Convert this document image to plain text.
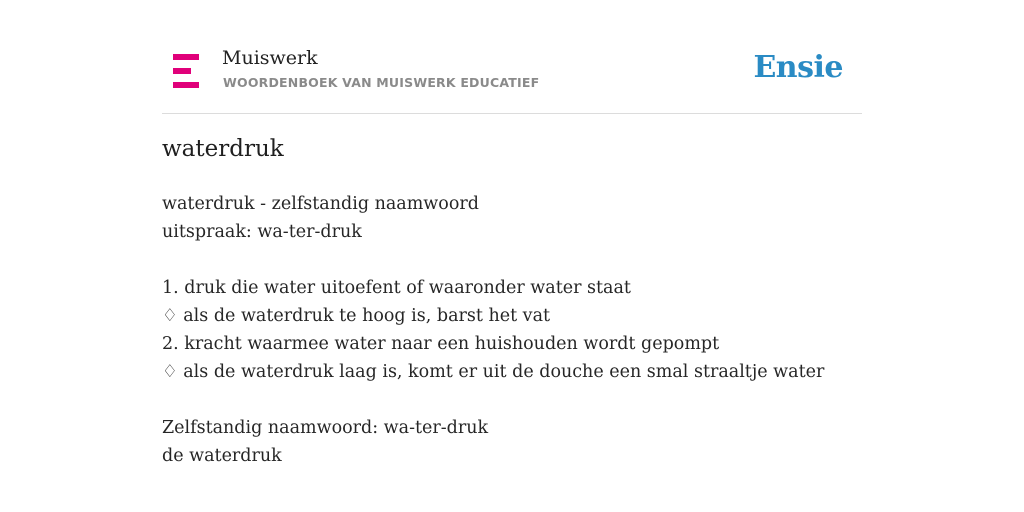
Muiswerk
WOORDENBOEK VAN MUISWERK EDUCATIEF	Ensie
waterdruk
waterdruk - zelfstandig naamwoord
uitspraak: wa-ter-druk
1. druk die water uitoefent of waaronder water staat
♢ als de waterdruk te hoog is, barst het vat
2. kracht waarmee water naar een huishouden wordt gepompt
♢ als de waterdruk laag is, komt er uit de douche een smal straaltje water
Zelfstandig naamwoord: wa-ter-druk
de waterdruk
